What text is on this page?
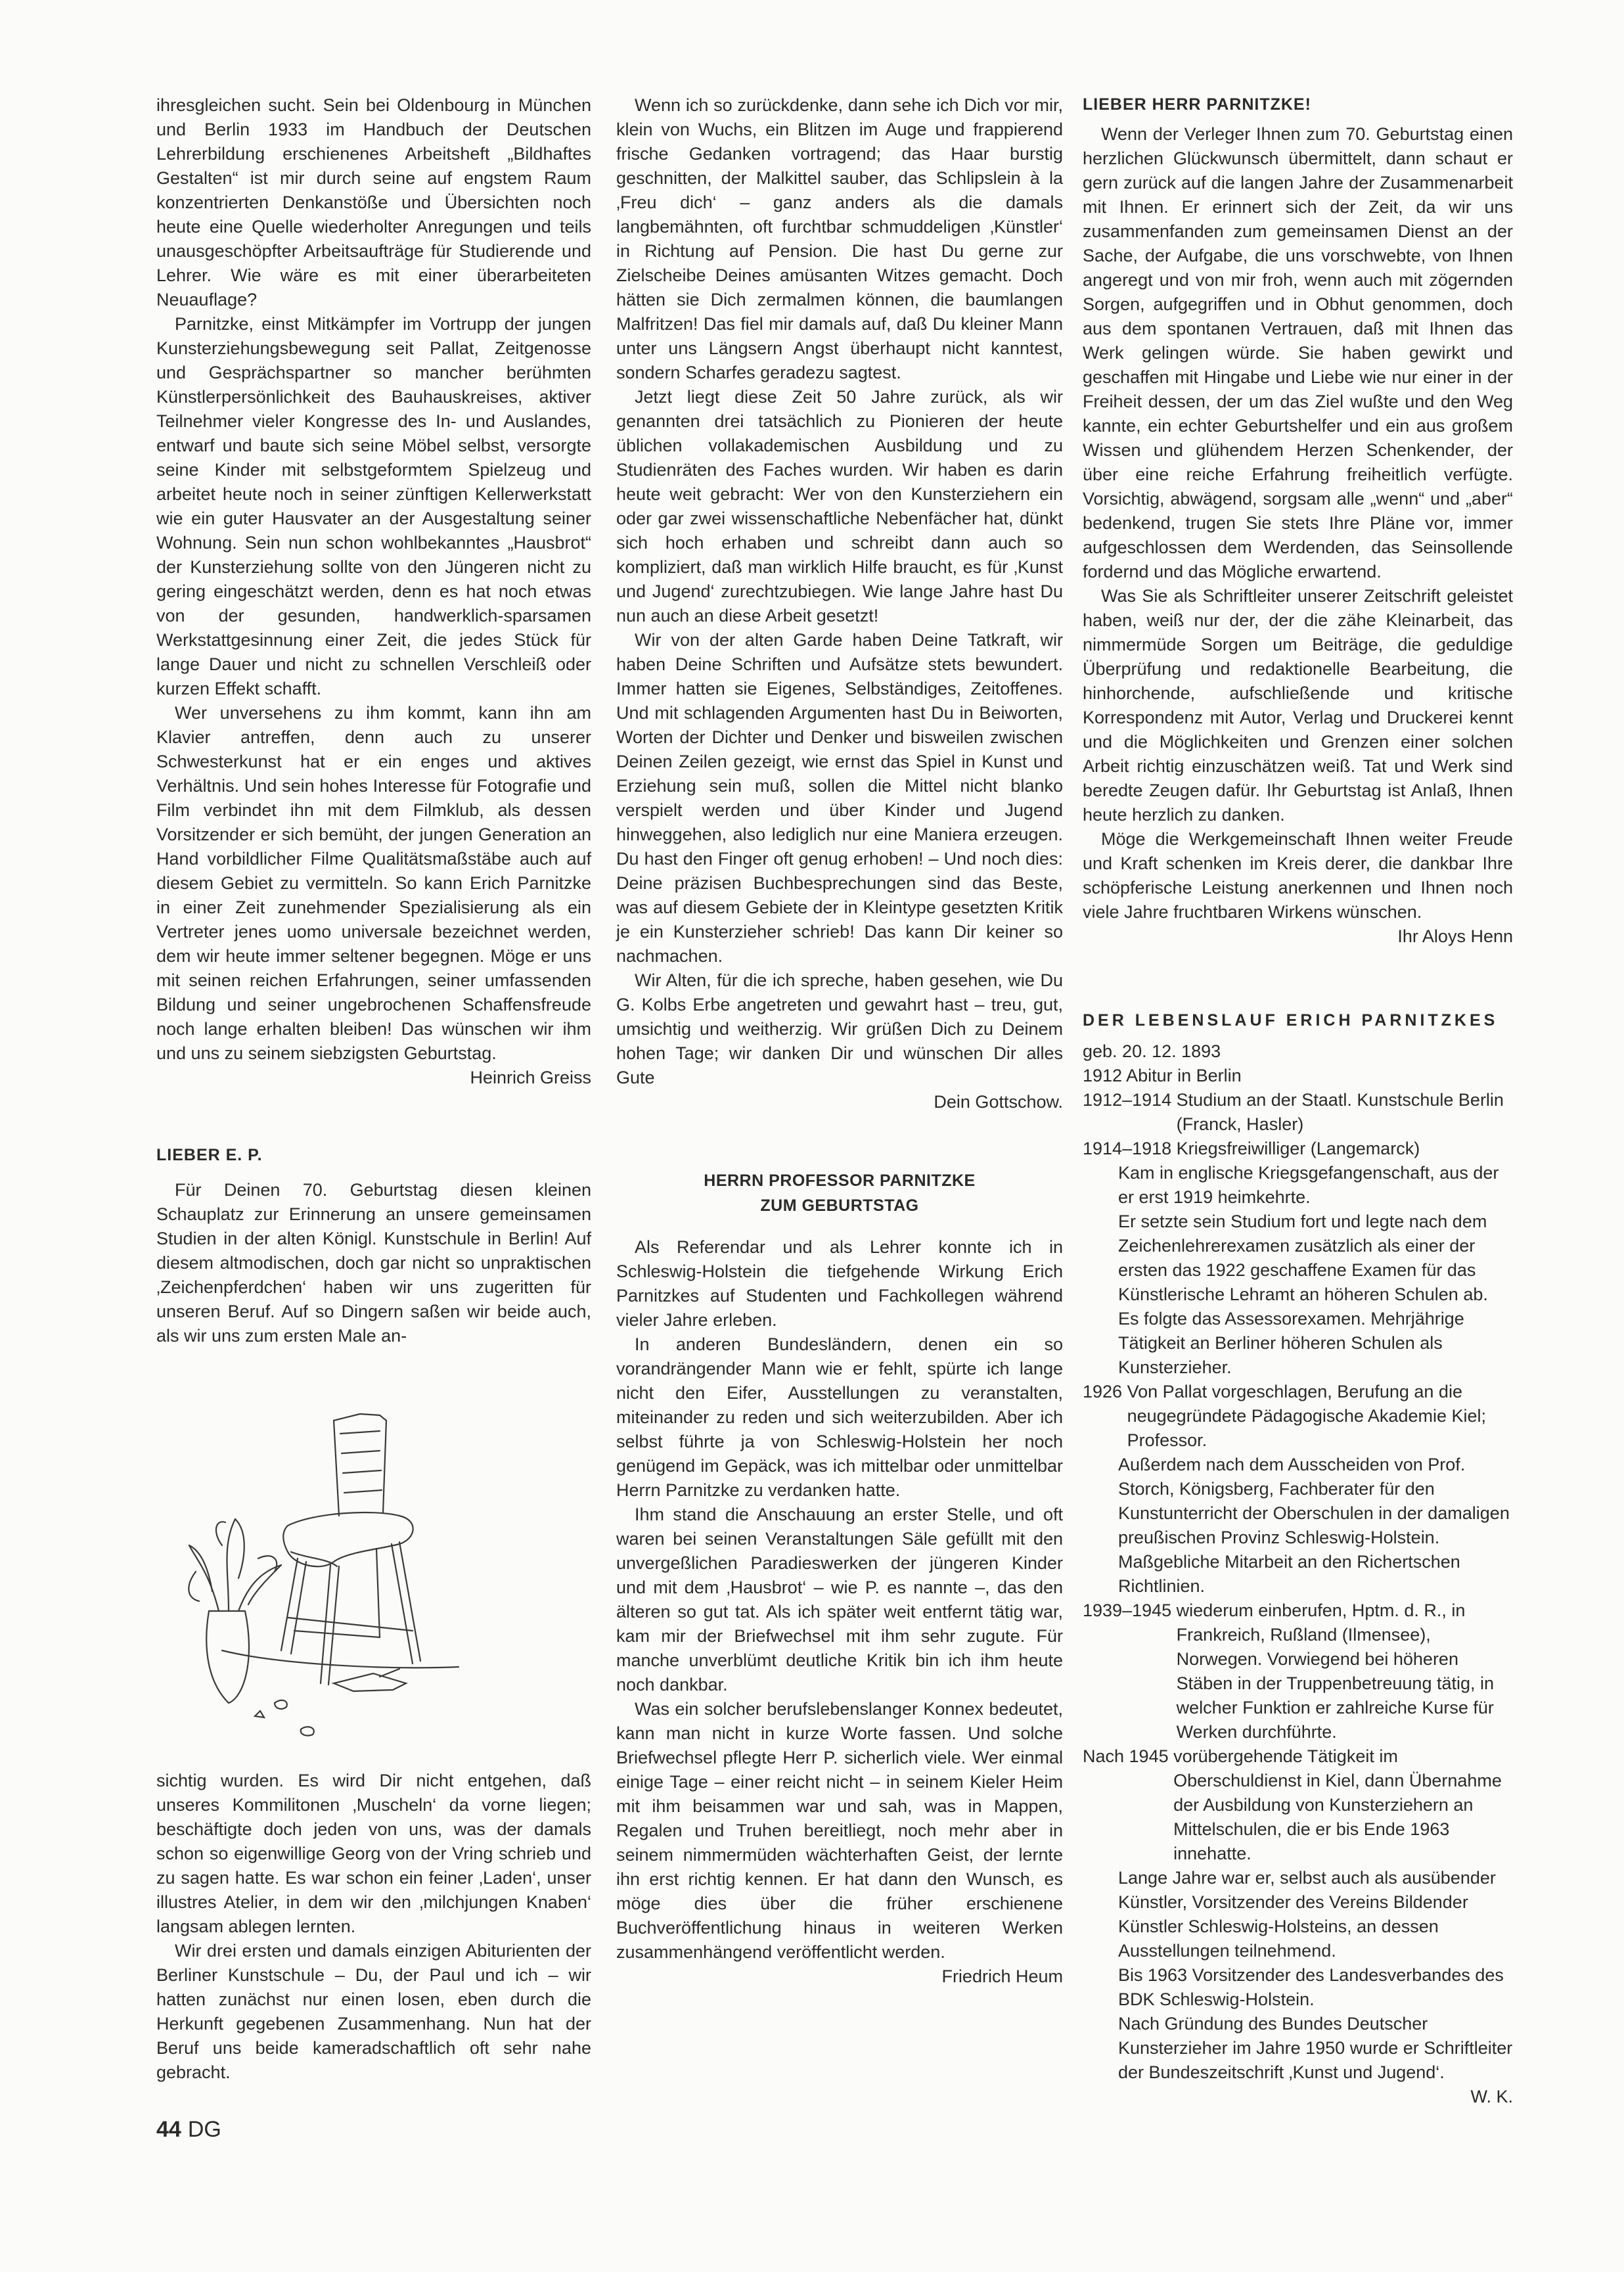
ihresgleichen sucht. Sein bei Oldenbourg in München und Berlin 1933 im Handbuch der Deutschen Lehrerbildung erschienenes Arbeitsheft „Bildhaftes Gestalten“ ist mir durch seine auf engstem Raum konzentrierten Denkanstöße und Übersichten noch heute eine Quelle wiederholter Anregungen und teils unausgeschöpfter Arbeitsaufträge für Studierende und Lehrer. Wie wäre es mit einer überarbeiteten Neuauflage?

Parnitzke, einst Mitkämpfer im Vortrupp der jungen Kunsterziehungsbewegung seit Pallat, Zeitgenosse und Gesprächspartner so mancher berühmten Künstlerpersönlichkeit des Bauhauskreises, aktiver Teilnehmer vieler Kongresse des In- und Auslandes, entwarf und baute sich seine Möbel selbst, versorgte seine Kinder mit selbstgeformtem Spielzeug und arbeitet heute noch in seiner zünftigen Kellerwerkstatt wie ein guter Hausvater an der Ausgestaltung seiner Wohnung. Sein nun schon wohlbekanntes „Hausbrot“ der Kunsterziehung sollte von den Jüngeren nicht zu gering eingeschätzt werden, denn es hat noch etwas von der gesunden, handwerklich-sparsamen Werkstattgesinnung einer Zeit, die jedes Stück für lange Dauer und nicht zu schnellen Verschleiß oder kurzen Effekt schafft.

Wer unversehens zu ihm kommt, kann ihn am Klavier antreffen, denn auch zu unserer Schwesterkunst hat er ein enges und aktives Verhältnis. Und sein hohes Interesse für Fotografie und Film verbindet ihn mit dem Filmklub, als dessen Vorsitzender er sich bemüht, der jungen Generation an Hand vorbildlicher Filme Qualitätsmaßstäbe auch auf diesem Gebiet zu vermitteln. So kann Erich Parnitzke in einer Zeit zunehmender Spezialisierung als ein Vertreter jenes uomo universale bezeichnet werden, dem wir heute immer seltener begegnen. Möge er uns mit seinen reichen Erfahrungen, seiner umfassenden Bildung und seiner ungebrochenen Schaffensfreude noch lange erhalten bleiben! Das wünschen wir ihm und uns zu seinem siebzigsten Geburtstag.

Heinrich Greiss

LIEBER E. P.

Für Deinen 70. Geburtstag diesen kleinen Schauplatz zur Erinnerung an unsere gemeinsamen Studien in der alten Königl. Kunstschule in Berlin! Auf diesem altmodischen, doch gar nicht so unpraktischen ‚Zeichenpferdchen‘ haben wir uns zugeritten für unseren Beruf. Auf so Dingern saßen wir beide auch, als wir uns zum ersten Male an-

sichtig wurden. Es wird Dir nicht entgehen, daß unseres Kommilitonen ‚Muscheln‘ da vorne liegen; beschäftigte doch jeden von uns, was der damals schon so eigenwillige Georg von der Vring schrieb und zu sagen hatte. Es war schon ein feiner ‚Laden‘, unser illustres Atelier, in dem wir den ‚milchjungen Knaben‘ langsam ablegen lernten.

Wir drei ersten und damals einzigen Abiturienten der Berliner Kunstschule – Du, der Paul und ich – wir hatten zunächst nur einen losen, eben durch die Herkunft gegebenen Zusammenhang. Nun hat der Beruf uns beide kameradschaftlich oft sehr nahe gebracht.

Wenn ich so zurückdenke, dann sehe ich Dich vor mir, klein von Wuchs, ein Blitzen im Auge und frappierend frische Gedanken vortragend; das Haar burstig geschnitten, der Malkittel sauber, das Schlipslein à la ‚Freu dich‘ – ganz anders als die damals langbemähnten, oft furchtbar schmuddeligen ‚Künstler‘ in Richtung auf Pension. Die hast Du gerne zur Zielscheibe Deines amüsanten Witzes gemacht. Doch hätten sie Dich zermalmen können, die baumlangen Malfritzen! Das fiel mir damals auf, daß Du kleiner Mann unter uns Längsern Angst überhaupt nicht kanntest, sondern Scharfes geradezu sagtest.

Jetzt liegt diese Zeit 50 Jahre zurück, als wir genannten drei tatsächlich zu Pionieren der heute üblichen vollakademischen Ausbildung und zu Studienräten des Faches wurden. Wir haben es darin heute weit gebracht: Wer von den Kunsterziehern ein oder gar zwei wissenschaftliche Nebenfächer hat, dünkt sich hoch erhaben und schreibt dann auch so kompliziert, daß man wirklich Hilfe braucht, es für ‚Kunst und Jugend‘ zurechtzubiegen. Wie lange Jahre hast Du nun auch an diese Arbeit gesetzt!

Wir von der alten Garde haben Deine Tatkraft, wir haben Deine Schriften und Aufsätze stets bewundert. Immer hatten sie Eigenes, Selbständiges, Zeitoffenes. Und mit schlagenden Argumenten hast Du in Beiworten, Worten der Dichter und Denker und bisweilen zwischen Deinen Zeilen gezeigt, wie ernst das Spiel in Kunst und Erziehung sein muß, sollen die Mittel nicht blanko verspielt werden und über Kinder und Jugend hinweggehen, also lediglich nur eine Maniera erzeugen. Du hast den Finger oft genug erhoben! – Und noch dies: Deine präzisen Buchbesprechungen sind das Beste, was auf diesem Gebiete der in Kleintype gesetzten Kritik je ein Kunsterzieher schrieb! Das kann Dir keiner so nachmachen.

Wir Alten, für die ich spreche, haben gesehen, wie Du G. Kolbs Erbe angetreten und gewahrt hast – treu, gut, umsichtig und weitherzig. Wir grüßen Dich zu Deinem hohen Tage; wir danken Dir und wünschen Dir alles Gute

Dein Gottschow.

HERRN PROFESSOR PARNITZKE

ZUM GEBURTSTAG

Als Referendar und als Lehrer konnte ich in Schleswig-Holstein die tiefgehende Wirkung Erich Parnitzkes auf Studenten und Fachkollegen während vieler Jahre erleben.

In anderen Bundesländern, denen ein so vorandrängender Mann wie er fehlt, spürte ich lange nicht den Eifer, Ausstellungen zu veranstalten, miteinander zu reden und sich weiterzubilden. Aber ich selbst führte ja von Schleswig-Holstein her noch genügend im Gepäck, was ich mittelbar oder unmittelbar Herrn Parnitzke zu verdanken hatte.

Ihm stand die Anschauung an erster Stelle, und oft waren bei seinen Veranstaltungen Säle gefüllt mit den unvergeßlichen Paradieswerken der jüngeren Kinder und mit dem ‚Hausbrot‘ – wie P. es nannte –, das den älteren so gut tat. Als ich später weit entfernt tätig war, kam mir der Briefwechsel mit ihm sehr zugute. Für manche unverblümt deutliche Kritik bin ich ihm heute noch dankbar.

Was ein solcher berufslebenslanger Konnex bedeutet, kann man nicht in kurze Worte fassen. Und solche Briefwechsel pflegte Herr P. sicherlich viele. Wer einmal einige Tage – einer reicht nicht – in seinem Kieler Heim mit ihm beisammen war und sah, was in Mappen, Regalen und Truhen bereitliegt, noch mehr aber in seinem nimmermüden wächterhaften Geist, der lernte ihn erst richtig kennen. Er hat dann den Wunsch, es möge dies über die früher erschienene Buchveröffentlichung hinaus in weiteren Werken zusammenhängend veröffentlicht werden.

Friedrich Heum

LIEBER HERR PARNITZKE!

Wenn der Verleger Ihnen zum 70. Geburtstag einen herzlichen Glückwunsch übermittelt, dann schaut er gern zurück auf die langen Jahre der Zusammenarbeit mit Ihnen. Er erinnert sich der Zeit, da wir uns zusammenfanden zum gemeinsamen Dienst an der Sache, der Aufgabe, die uns vorschwebte, von Ihnen angeregt und von mir froh, wenn auch mit zögernden Sorgen, aufgegriffen und in Obhut genommen, doch aus dem spontanen Vertrauen, daß mit Ihnen das Werk gelingen würde. Sie haben gewirkt und geschaffen mit Hingabe und Liebe wie nur einer in der Freiheit dessen, der um das Ziel wußte und den Weg kannte, ein echter Geburtshelfer und ein aus großem Wissen und glühendem Herzen Schenkender, der über eine reiche Erfahrung freiheitlich verfügte. Vorsichtig, abwägend, sorgsam alle „wenn“ und „aber“ bedenkend, trugen Sie stets Ihre Pläne vor, immer aufgeschlossen dem Werdenden, das Seinsollende fordernd und das Mögliche erwartend.

Was Sie als Schriftleiter unserer Zeitschrift geleistet haben, weiß nur der, der die zähe Kleinarbeit, das nimmermüde Sorgen um Beiträge, die geduldige Überprüfung und redaktionelle Bearbeitung, die hinhorchende, aufschließende und kritische Korrespondenz mit Autor, Verlag und Druckerei kennt und die Möglichkeiten und Grenzen einer solchen Arbeit richtig einzuschätzen weiß. Tat und Werk sind beredte Zeugen dafür. Ihr Geburtstag ist Anlaß, Ihnen heute herzlich zu danken.

Möge die Werkgemeinschaft Ihnen weiter Freude und Kraft schenken im Kreis derer, die dankbar Ihre schöpferische Leistung anerkennen und Ihnen noch viele Jahre fruchtbaren Wirkens wünschen.

Ihr Aloys Henn

DER LEBENSLAUF ERICH PARNITZKES

geb. 20. 12. 1893

1912 Abitur in Berlin

1912–1914
Studium an der Staatl. Kunstschule Berlin (Franck, Hasler)
1914–1918
Kriegsfreiwilliger (Langemarck)

Kam in englische Kriegsgefangenschaft, aus der er erst 1919 heimkehrte.

Er setzte sein Studium fort und legte nach dem Zeichenlehrerexamen zusätzlich als einer der ersten das 1922 geschaffene Examen für das Künstlerische Lehramt an höheren Schulen ab. Es folgte das Assessorexamen. Mehrjährige Tätigkeit an Berliner höheren Schulen als Kunsterzieher.

1926
Von Pallat vorgeschlagen, Berufung an die neugegründete Pädagogische Akademie Kiel; Professor.

Außerdem nach dem Ausscheiden von Prof. Storch, Königsberg, Fachberater für den Kunstunterricht der Oberschulen in der damaligen preußischen Provinz Schleswig-Holstein. Maßgebliche Mitarbeit an den Richertschen Richtlinien.

1939–1945
wiederum einberufen, Hptm. d. R., in Frankreich, Rußland (Ilmensee), Norwegen. Vorwiegend bei höheren Stäben in der Truppenbetreuung tätig, in welcher Funktion er zahlreiche Kurse für Werken durchführte.
Nach 1945
vorübergehende Tätigkeit im Oberschuldienst in Kiel, dann Übernahme der Ausbildung von Kunsterziehern an Mittelschulen, die er bis Ende 1963 innehatte.

Lange Jahre war er, selbst auch als ausübender Künstler, Vorsitzender des Vereins Bildender Künstler Schleswig-Holsteins, an dessen Ausstellungen teilnehmend.

Bis 1963 Vorsitzender des Landesverbandes des BDK Schleswig-Holstein.

Nach Gründung des Bundes Deutscher Kunsterzieher im Jahre 1950 wurde er Schriftleiter der Bundeszeitschrift ‚Kunst und Jugend‘.

W. K.

44 DG
